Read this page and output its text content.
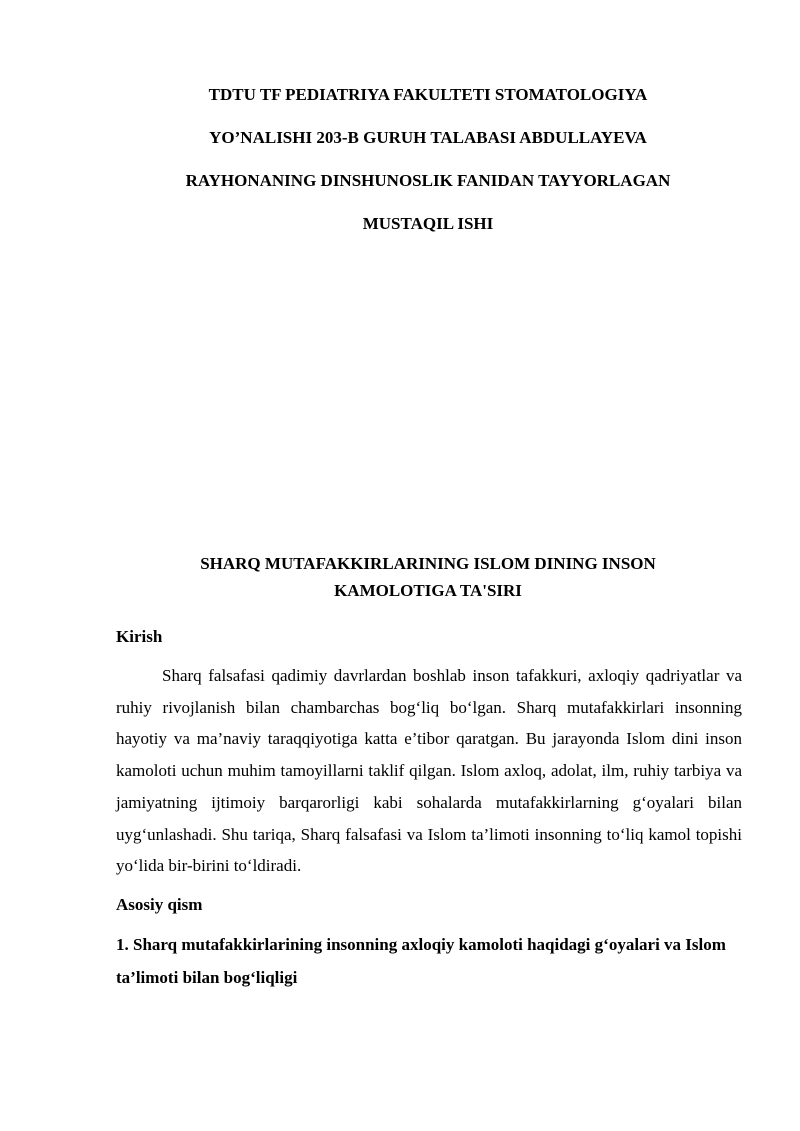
TDTU TF PEDIATRIYA FAKULTETI STOMATOLOGIYA
YO’NALISHI 203-B GURUH TALABASI ABDULLAYEVA
RAYHONANING DINSHUNOSLIK FANIDAN TAYYORLAGAN
MUSTAQIL ISHI
SHARQ MUTAFAKKIRLARINING ISLOM DINING INSON
KAMOLOTIGA TA'SIRI

Kirish

Sharq falsafasi qadimiy davrlardan boshlab inson tafakkuri, axloqiy qadriyatlar va ruhiy rivojlanish bilan chambarchas bog‘liq bo‘lgan. Sharq mutafakkirlari insonning hayotiy va ma’naviy taraqqiyotiga katta e’tibor qaratgan. Bu jarayonda Islom dini inson kamoloti uchun muhim tamoyillarni taklif qilgan. Islom axloq, adolat, ilm, ruhiy tarbiya va jamiyatning ijtimoiy barqarorligi kabi sohalarda mutafakkirlarning g‘oyalari bilan uyg‘unlashadi. Shu tariqa, Sharq falsafasi va Islom ta’limoti insonning to‘liq kamol topishi yo‘lida bir-birini to‘ldiradi.

Asosiy qism

1. Sharq mutafakkirlarining insonning axloqiy kamoloti haqidagi g‘oyalari va Islom ta’limoti bilan bog‘liqligi
